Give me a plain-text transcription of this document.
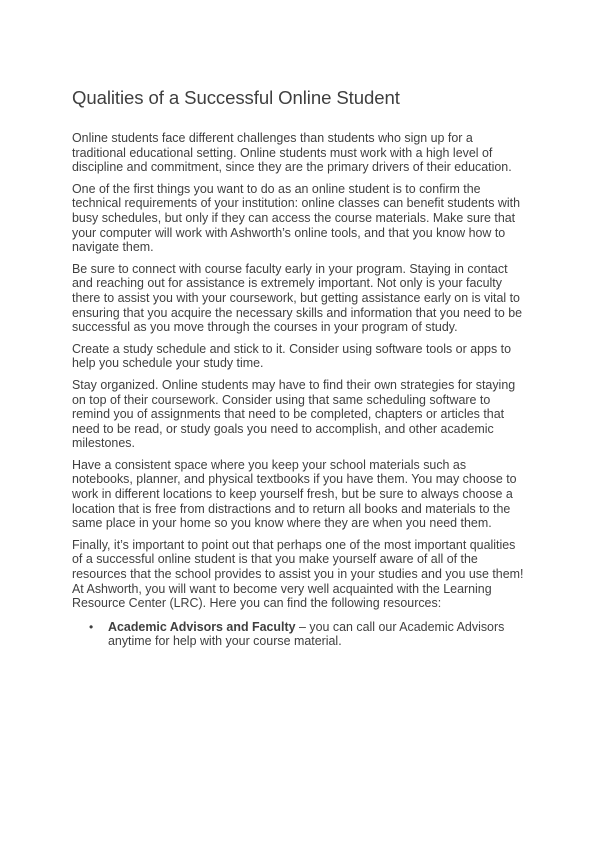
Qualities of a Successful Online Student

Online students face different challenges than students who sign up for a traditional educational setting. Online students must work with a high level of discipline and commitment, since they are the primary drivers of their education.

One of the first things you want to do as an online student is to confirm the technical requirements of your institution: online classes can benefit students with busy schedules, but only if they can access the course materials. Make sure that your computer will work with Ashworth’s online tools, and that you know how to navigate them.

Be sure to connect with course faculty early in your program. Staying in contact and reaching out for assistance is extremely important. Not only is your faculty there to assist you with your coursework, but getting assistance early on is vital to ensuring that you acquire the necessary skills and information that you need to be successful as you move through the courses in your program of study.

Create a study schedule and stick to it. Consider using software tools or apps to help you schedule your study time.

Stay organized. Online students may have to find their own strategies for staying on top of their coursework. Consider using that same scheduling software to remind you of assignments that need to be completed, chapters or articles that need to be read, or study goals you need to accomplish, and other academic milestones.

Have a consistent space where you keep your school materials such as notebooks, planner, and physical textbooks if you have them. You may choose to work in different locations to keep yourself fresh, but be sure to always choose a location that is free from distractions and to return all books and materials to the same place in your home so you know where they are when you need them.

Finally, it’s important to point out that perhaps one of the most important qualities of a successful online student is that you make yourself aware of all of the resources that the school provides to assist you in your studies and you use them! At Ashworth, you will want to become very well acquainted with the Learning Resource Center (LRC). Here you can find the following resources:

• Academic Advisors and Faculty – you can call our Academic Advisors anytime for help with your course material.
